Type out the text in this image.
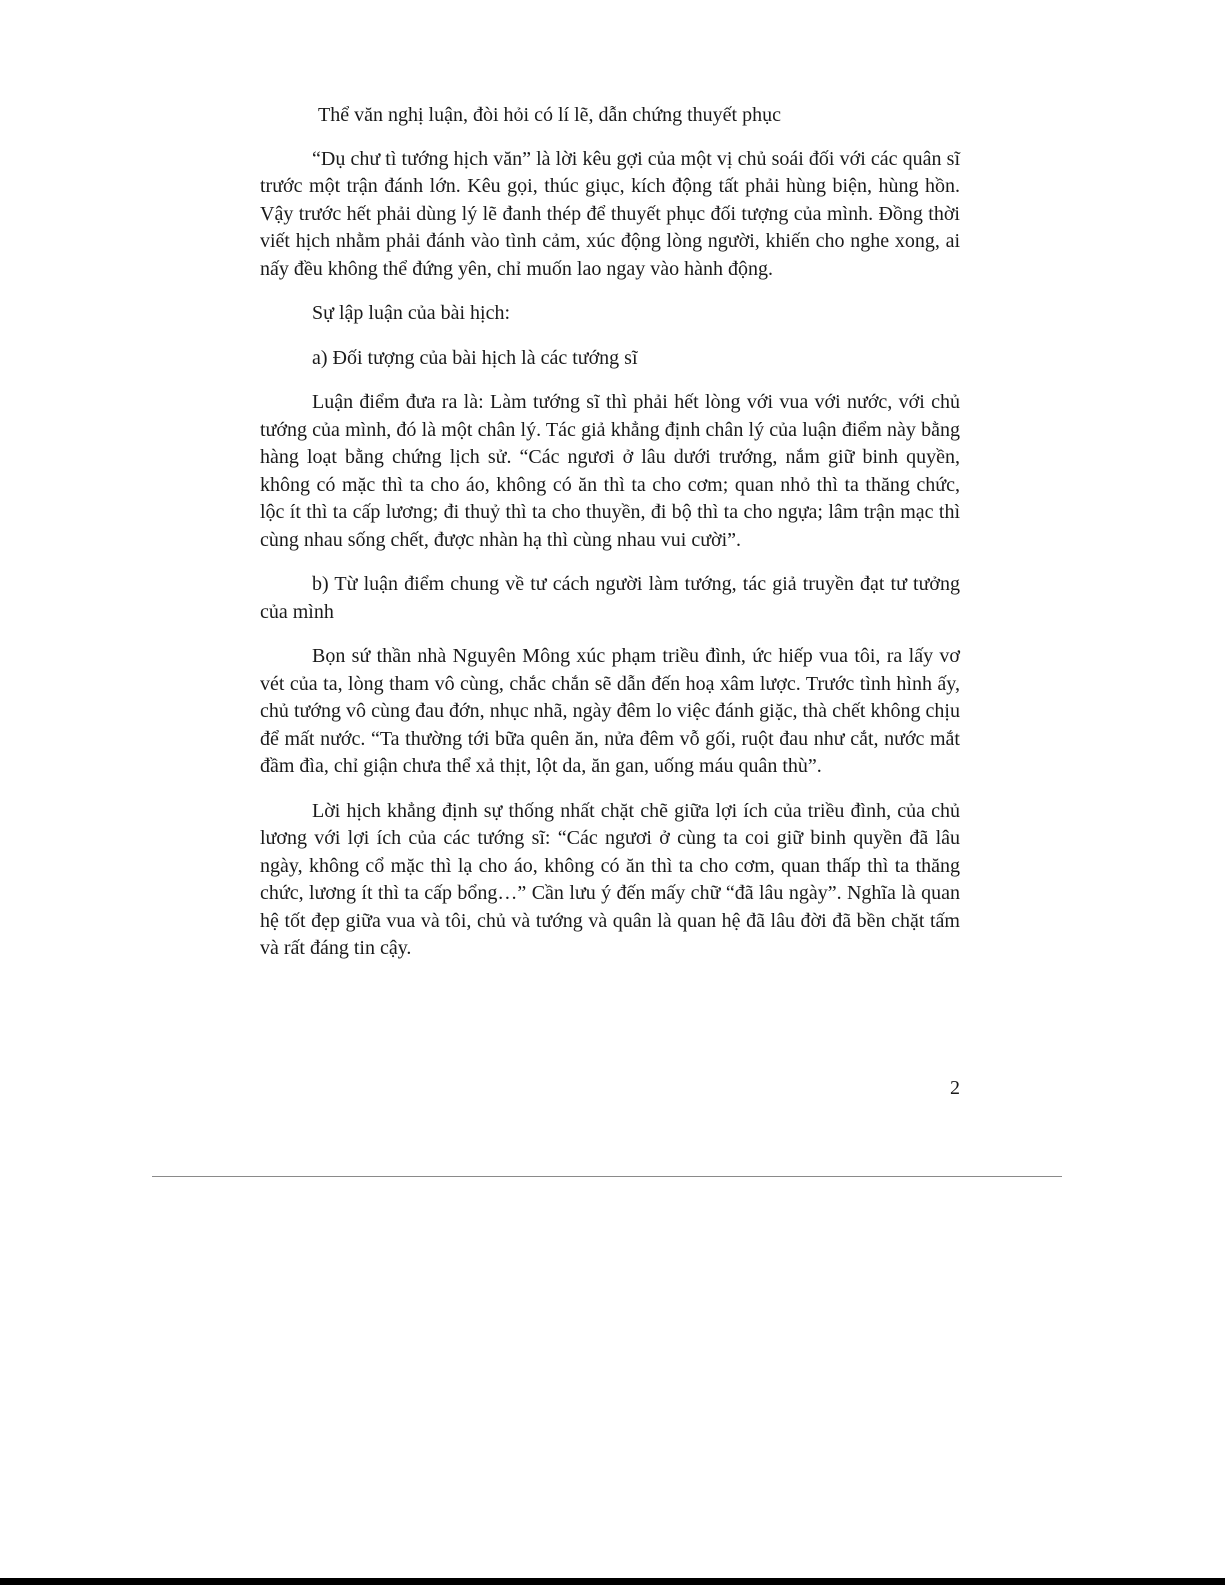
Thể văn nghị luận, đòi hỏi có lí lẽ, dẫn chứng thuyết phục

“Dụ chư tì tướng hịch văn” là lời kêu gợi của một vị chủ soái đối với các quân sĩ trước một trận đánh lớn. Kêu gọi, thúc giục, kích động tất phải hùng biện, hùng hồn. Vậy trước hết phải dùng lý lẽ đanh thép để thuyết phục đối tượng của mình. Đồng thời viết hịch nhằm phải đánh vào tình cảm, xúc động lòng người, khiến cho nghe xong, ai nấy đều không thể đứng yên, chỉ muốn lao ngay vào hành động.

Sự lập luận của bài hịch:

a) Đối tượng của bài hịch là các tướng sĩ

Luận điểm đưa ra là: Làm tướng sĩ thì phải hết lòng với vua với nước, với chủ tướng của mình, đó là một chân lý. Tác giả khẳng định chân lý của luận điểm này bằng hàng loạt bằng chứng lịch sử. “Các ngươi ở lâu dưới trướng, nắm giữ binh quyền, không có mặc thì ta cho áo, không có ăn thì ta cho cơm; quan nhỏ thì ta thăng chức, lộc ít thì ta cấp lương; đi thuỷ thì ta cho thuyền, đi bộ thì ta cho ngựa; lâm trận mạc thì cùng nhau sống chết, được nhàn hạ thì cùng nhau vui cười”.

b) Từ luận điểm chung về tư cách người làm tướng, tác giả truyền đạt tư tưởng của mình

Bọn sứ thần nhà Nguyên Mông xúc phạm triều đình, ức hiếp vua tôi, ra lấy vơ vét của ta, lòng tham vô cùng, chắc chắn sẽ dẫn đến hoạ xâm lược. Trước tình hình ấy, chủ tướng vô cùng đau đớn, nhục nhã, ngày đêm lo việc đánh giặc, thà chết không chịu để mất nước. “Ta thường tới bữa quên ăn, nửa đêm vỗ gối, ruột đau như cắt, nước mắt đầm đìa, chỉ giận chưa thể xả thịt, lột da, ăn gan, uống máu quân thù”.

Lời hịch khẳng định sự thống nhất chặt chẽ giữa lợi ích của triều đình, của chủ lương với lợi ích của các tướng sĩ: “Các ngươi ở cùng ta coi giữ binh quyền đã lâu ngày, không cổ mặc thì lạ cho áo, không có ăn thì ta cho cơm, quan thấp thì ta thăng chức, lương ít thì ta cấp bổng…” Cần lưu ý đến mấy chữ “đã lâu ngày”. Nghĩa là quan hệ tốt đẹp giữa vua và tôi, chủ và tướng và quân là quan hệ đã lâu đời đã bền chặt tấm và rất đáng tin cậy.

2
